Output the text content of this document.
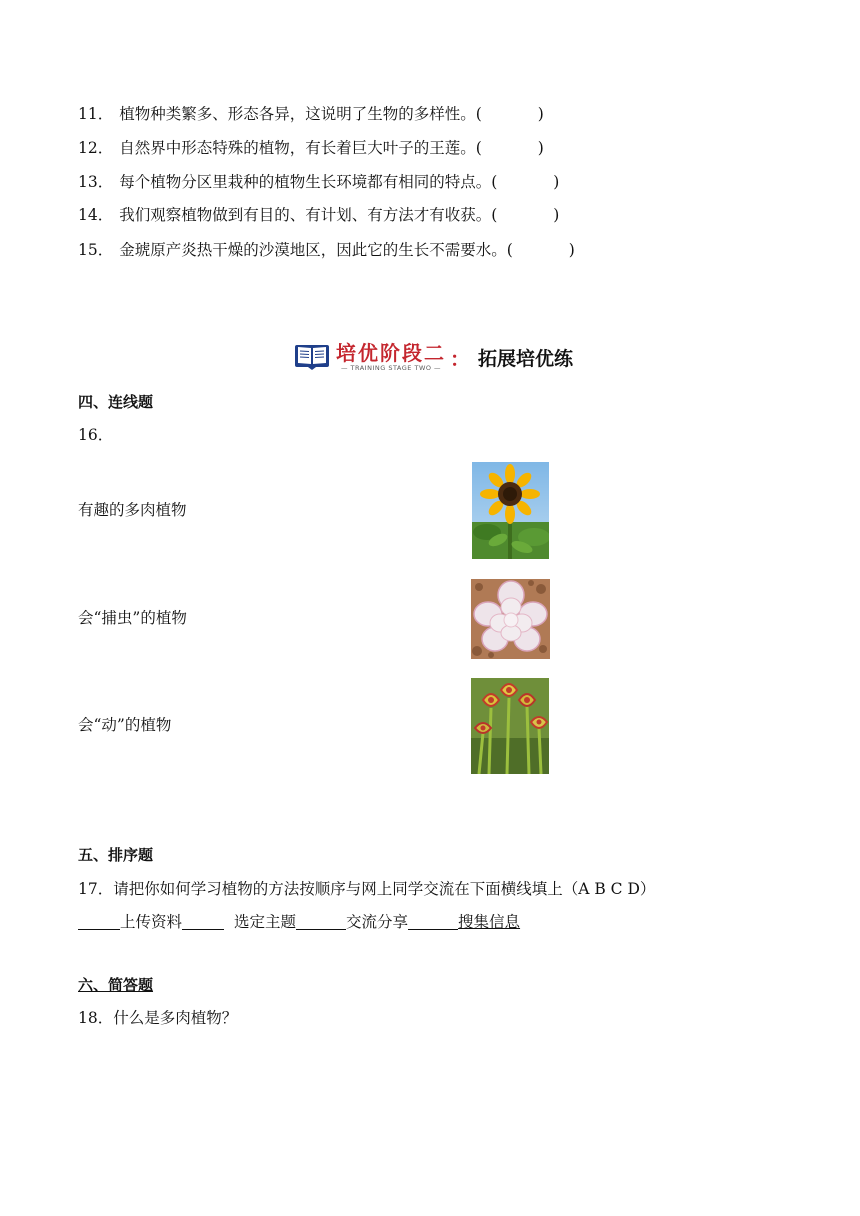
11． 植物种类繁多、形态各异，这说明了生物的多样性。(	)
12． 自然界中形态特殊的植物，有长着巨大叶子的王莲。(	)
13． 每个植物分区里栽种的植物生长环境都有相同的特点。(	)
14． 我们观察植物做到有目的、有计划、有方法才有收获。(	)
15． 金琥原产炎热干燥的沙漠地区，因此它的生长不需要水。(	)
培优阶段二
— TRAINING STAGE TWO — ： 拓展培优练
四、连线题
16．
有趣的多肉植物
会“捕虫”的植物
会“动”的植物
五、排序题
17．请把你如何学习植物的方法按顺序与网上同学交流在下面横线填上（A B C D）
上传资料	选定主题	交流分享	搜集信息
六、简答题
18．什么是多肉植物？
